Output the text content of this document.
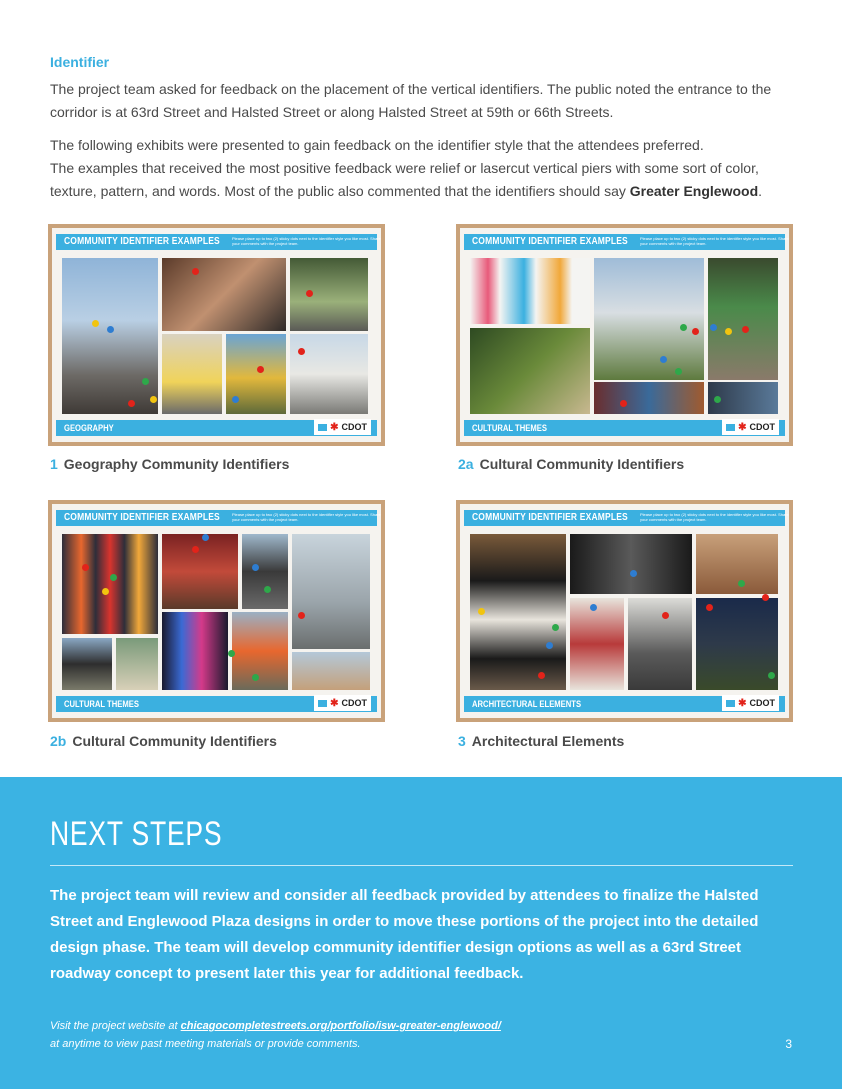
Identifier

The project team asked for feedback on the placement of the vertical identifiers. The public noted the entrance to the corridor is at 63rd Street and Halsted Street or along Halsted Street at 59th or 66th Streets.

The following exhibits were presented to gain feedback on the identifier style that the attendees preferred.
The examples that received the most positive feedback were relief or lasercut vertical piers with some sort of color, texture, pattern, and words. Most of the public also commented that the identifiers should say Greater Englewood.

COMMUNITY IDENTIFIER EXAMPLES	Please place up to two (2) sticky dots next to the identifier style you like most. Share your comments with the project team.
GEOGRAPHY	✱ CDOT
1 Geography Community Identifiers
COMMUNITY IDENTIFIER EXAMPLES	Please place up to two (2) sticky dots next to the identifier style you like most. Share your comments with the project team.
CULTURAL THEMES	✱ CDOT
2a Cultural Community Identifiers
COMMUNITY IDENTIFIER EXAMPLES	Please place up to two (2) sticky dots next to the identifier style you like most. Share your comments with the project team.
CULTURAL THEMES	✱ CDOT
2b Cultural Community Identifiers
COMMUNITY IDENTIFIER EXAMPLES	Please place up to two (2) sticky dots next to the identifier style you like most. Share your comments with the project team.
ARCHITECTURAL ELEMENTS	✱ CDOT
3 Architectural Elements
NEXT STEPS

The project team will review and consider all feedback provided by attendees to finalize the Halsted Street and Englewood Plaza designs in order to move these portions of the project into the detailed design phase. The team will develop community identifier design options as well as a 63rd Street roadway concept to present later this year for additional feedback.

Visit the project website at chicagocompletestreets.org/portfolio/isw-greater-englewood/
at anytime to view past meeting materials or provide comments.	3
